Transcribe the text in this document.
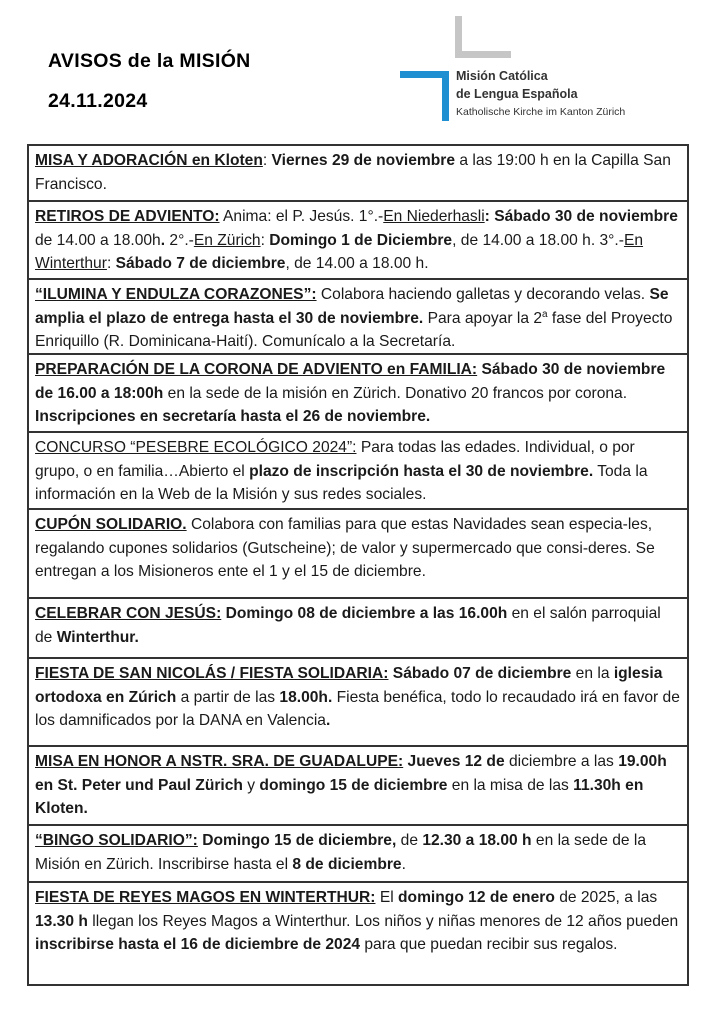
AVISOS de la MISIÓN
24.11.2024
Misión Católica
de Lengua Española
Katholische Kirche im Kanton Zürich
MISA Y ADORACIÓN en Kloten: Viernes 29 de noviembre a las 19:00 h en la Capilla San Francisco.
RETIROS DE ADVIENTO: Anima: el P. Jesús. 1°.-En Niederhasli: Sábado 30 de noviembre de 14.00 a 18.00h. 2°.-En Zürich: Domingo 1 de Diciembre, de 14.00 a 18.00 h. 3°.-En Winterthur: Sábado 7 de diciembre, de 14.00 a 18.00 h.
“ILUMINA Y ENDULZA CORAZONES”: Colabora haciendo galletas y decorando velas. Se amplia el plazo de entrega hasta el 30 de noviembre. Para apoyar la 2$^a$ fase del Proyecto Enriquillo (R. Dominicana-Haití). Comunícalo a la Secretaría.
PREPARACIÓN DE LA CORONA DE ADVIENTO en FAMILIA: Sábado 30 de noviembre de 16.00 a 18:00h en la sede de la misión en Zürich. Donativo 20 francos por corona. Inscripciones en secretaría hasta el 26 de noviembre.
CONCURSO “PESEBRE ECOLÓGICO 2024”: Para todas las edades. Individual, o por grupo, o en familia…Abierto el plazo de inscripción hasta el 30 de noviembre. Toda la información en la Web de la Misión y sus redes sociales.
CUPÓN SOLIDARIO. Colabora con familias para que estas Navidades sean especia-les, regalando cupones solidarios (Gutscheine); de valor y supermercado que consi-deres. Se entregan a los Misioneros ente el 1 y el 15 de diciembre.
CELEBRAR CON JESÚS: Domingo 08 de diciembre a las 16.00h en el salón parroquial de Winterthur.
FIESTA DE SAN NICOLÁS / FIESTA SOLIDARIA: Sábado 07 de diciembre en la iglesia ortodoxa en Zúrich a partir de las 18.00h. Fiesta benéfica, todo lo recaudado irá en favor de los damnificados por la DANA en Valencia.
MISA EN HONOR A NSTR. SRA. DE GUADALUPE: Jueves 12 de diciembre a las 19.00h en St. Peter und Paul Zürich y domingo 15 de diciembre en la misa de las 11.30h en Kloten.
“BINGO SOLIDARIO”: Domingo 15 de diciembre, de 12.30 a 18.00 h en la sede de la Misión en Zürich. Inscribirse hasta el 8 de diciembre.
FIESTA DE REYES MAGOS EN WINTERTHUR: El domingo 12 de enero de 2025, a las 13.30 h llegan los Reyes Magos a Winterthur. Los niños y niñas menores de 12 años pueden inscribirse hasta el 16 de diciembre de 2024 para que puedan recibir sus regalos.
